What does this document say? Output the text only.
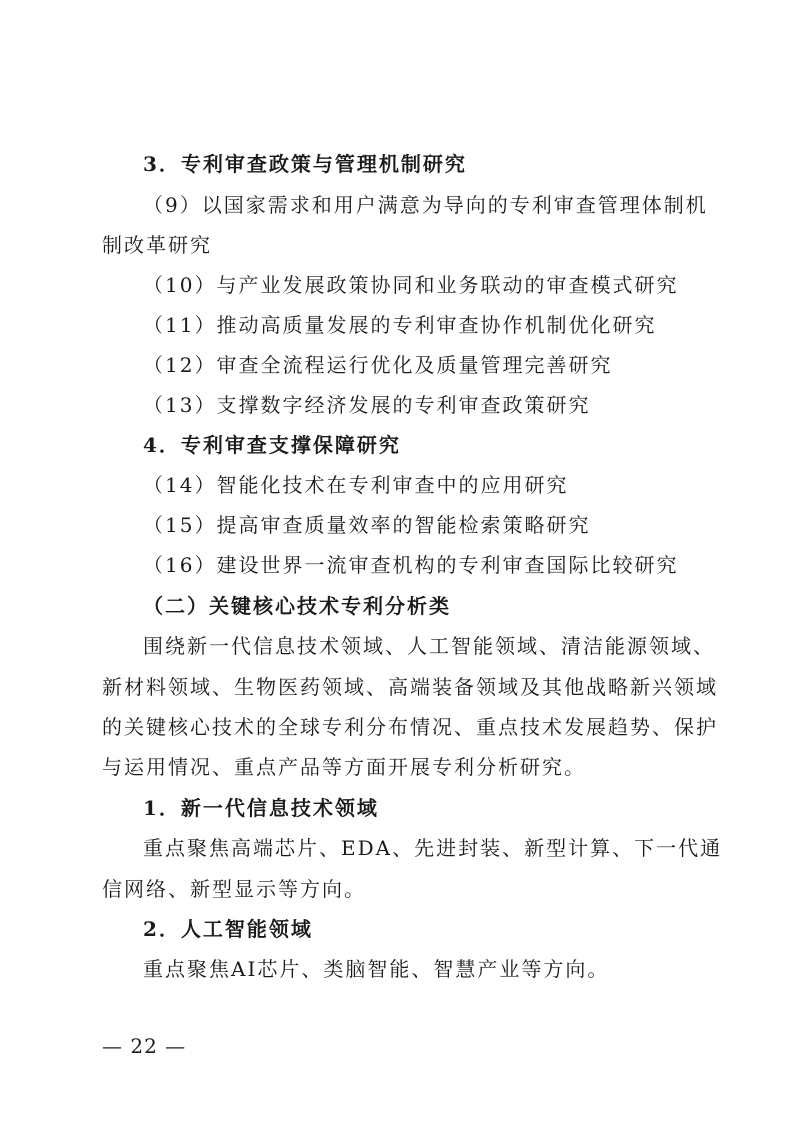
3．专利审查政策与管理机制研究
（9）以国家需求和用户满意为导向的专利审查管理体制机
制改革研究
（10）与产业发展政策协同和业务联动的审查模式研究
（11）推动高质量发展的专利审查协作机制优化研究
（12）审查全流程运行优化及质量管理完善研究
（13）支撑数字经济发展的专利审查政策研究
4．专利审查支撑保障研究
（14）智能化技术在专利审查中的应用研究
（15）提高审查质量效率的智能检索策略研究
（16）建设世界一流审查机构的专利审查国际比较研究
（二）关键核心技术专利分析类
围绕新一代信息技术领域、人工智能领域、清洁能源领域、
新材料领域、生物医药领域、高端装备领域及其他战略新兴领域
的关键核心技术的全球专利分布情况、重点技术发展趋势、保护
与运用情况、重点产品等方面开展专利分析研究。
1．新一代信息技术领域
重点聚焦高端芯片、EDA、先进封装、新型计算、下一代通
信网络、新型显示等方向。
2．人工智能领域
重点聚焦AI芯片、类脑智能、智慧产业等方向。
— 22 —
